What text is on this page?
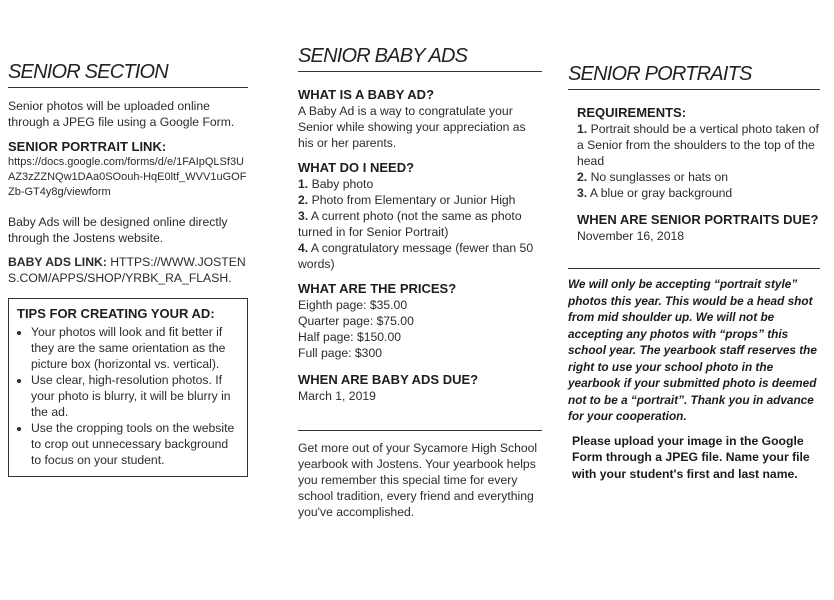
SENIOR SECTION

Senior photos will be uploaded online through a JPEG file using a Google Form.

SENIOR PORTRAIT LINK:

https://docs.google.com/forms/d/e/1FAIpQLSf3UAZ3zZZNQw1DAa0SOouh-HqE0ltf_WVV1uGOFZb-GT4y8g/viewform

Baby Ads will be designed online directly through the Jostens website.

BABY ADS LINK: HTTPS://WWW.JOSTENS.COM/APPS/SHOP/YRBK_RA_FLASH.

TIPS FOR CREATING YOUR AD:

• Your photos will look and fit better if they are the same orientation as the picture box (horizontal vs. vertical).
• Use clear, high-resolution photos. If your photo is blurry, it will be blurry in the ad.
• Use the cropping tools on the website to crop out unnecessary background to focus on your student.
SENIOR BABY ADS

WHAT IS A BABY AD?

A Baby Ad is a way to congratulate your Senior while showing your appreciation as his or her parents.

WHAT DO I NEED?

1. Baby photo

2. Photo from Elementary or Junior High

3. A current photo (not the same as photo turned in for Senior Portrait)

4. A congratulatory message (fewer than 50 words)

WHAT ARE THE PRICES?

Eighth page: $35.00

Quarter page: $75.00

Half page: $150.00

Full page: $300

WHEN ARE BABY ADS DUE?

March 1, 2019

Get more out of your Sycamore High School yearbook with Jostens. Your yearbook helps you remember this special time for every school tradition, every friend and everything you've accomplished.

SENIOR PORTRAITS

REQUIREMENTS:

1. Portrait should be a vertical photo taken of a Senior from the shoulders to the top of the head

2. No sunglasses or hats on

3. A blue or gray background

WHEN ARE SENIOR PORTRAITS DUE?

November 16, 2018

We will only be accepting “portrait style” photos this year. This would be a head shot from mid shoulder up. We will not be accepting any photos with “props” this school year. The yearbook staff reserves the right to use your school photo in the yearbook if your submitted photo is deemed not to be a “portrait”. Thank you in advance for your cooperation.

Please upload your image in the Google Form through a JPEG file. Name your file with your student's first and last name.
